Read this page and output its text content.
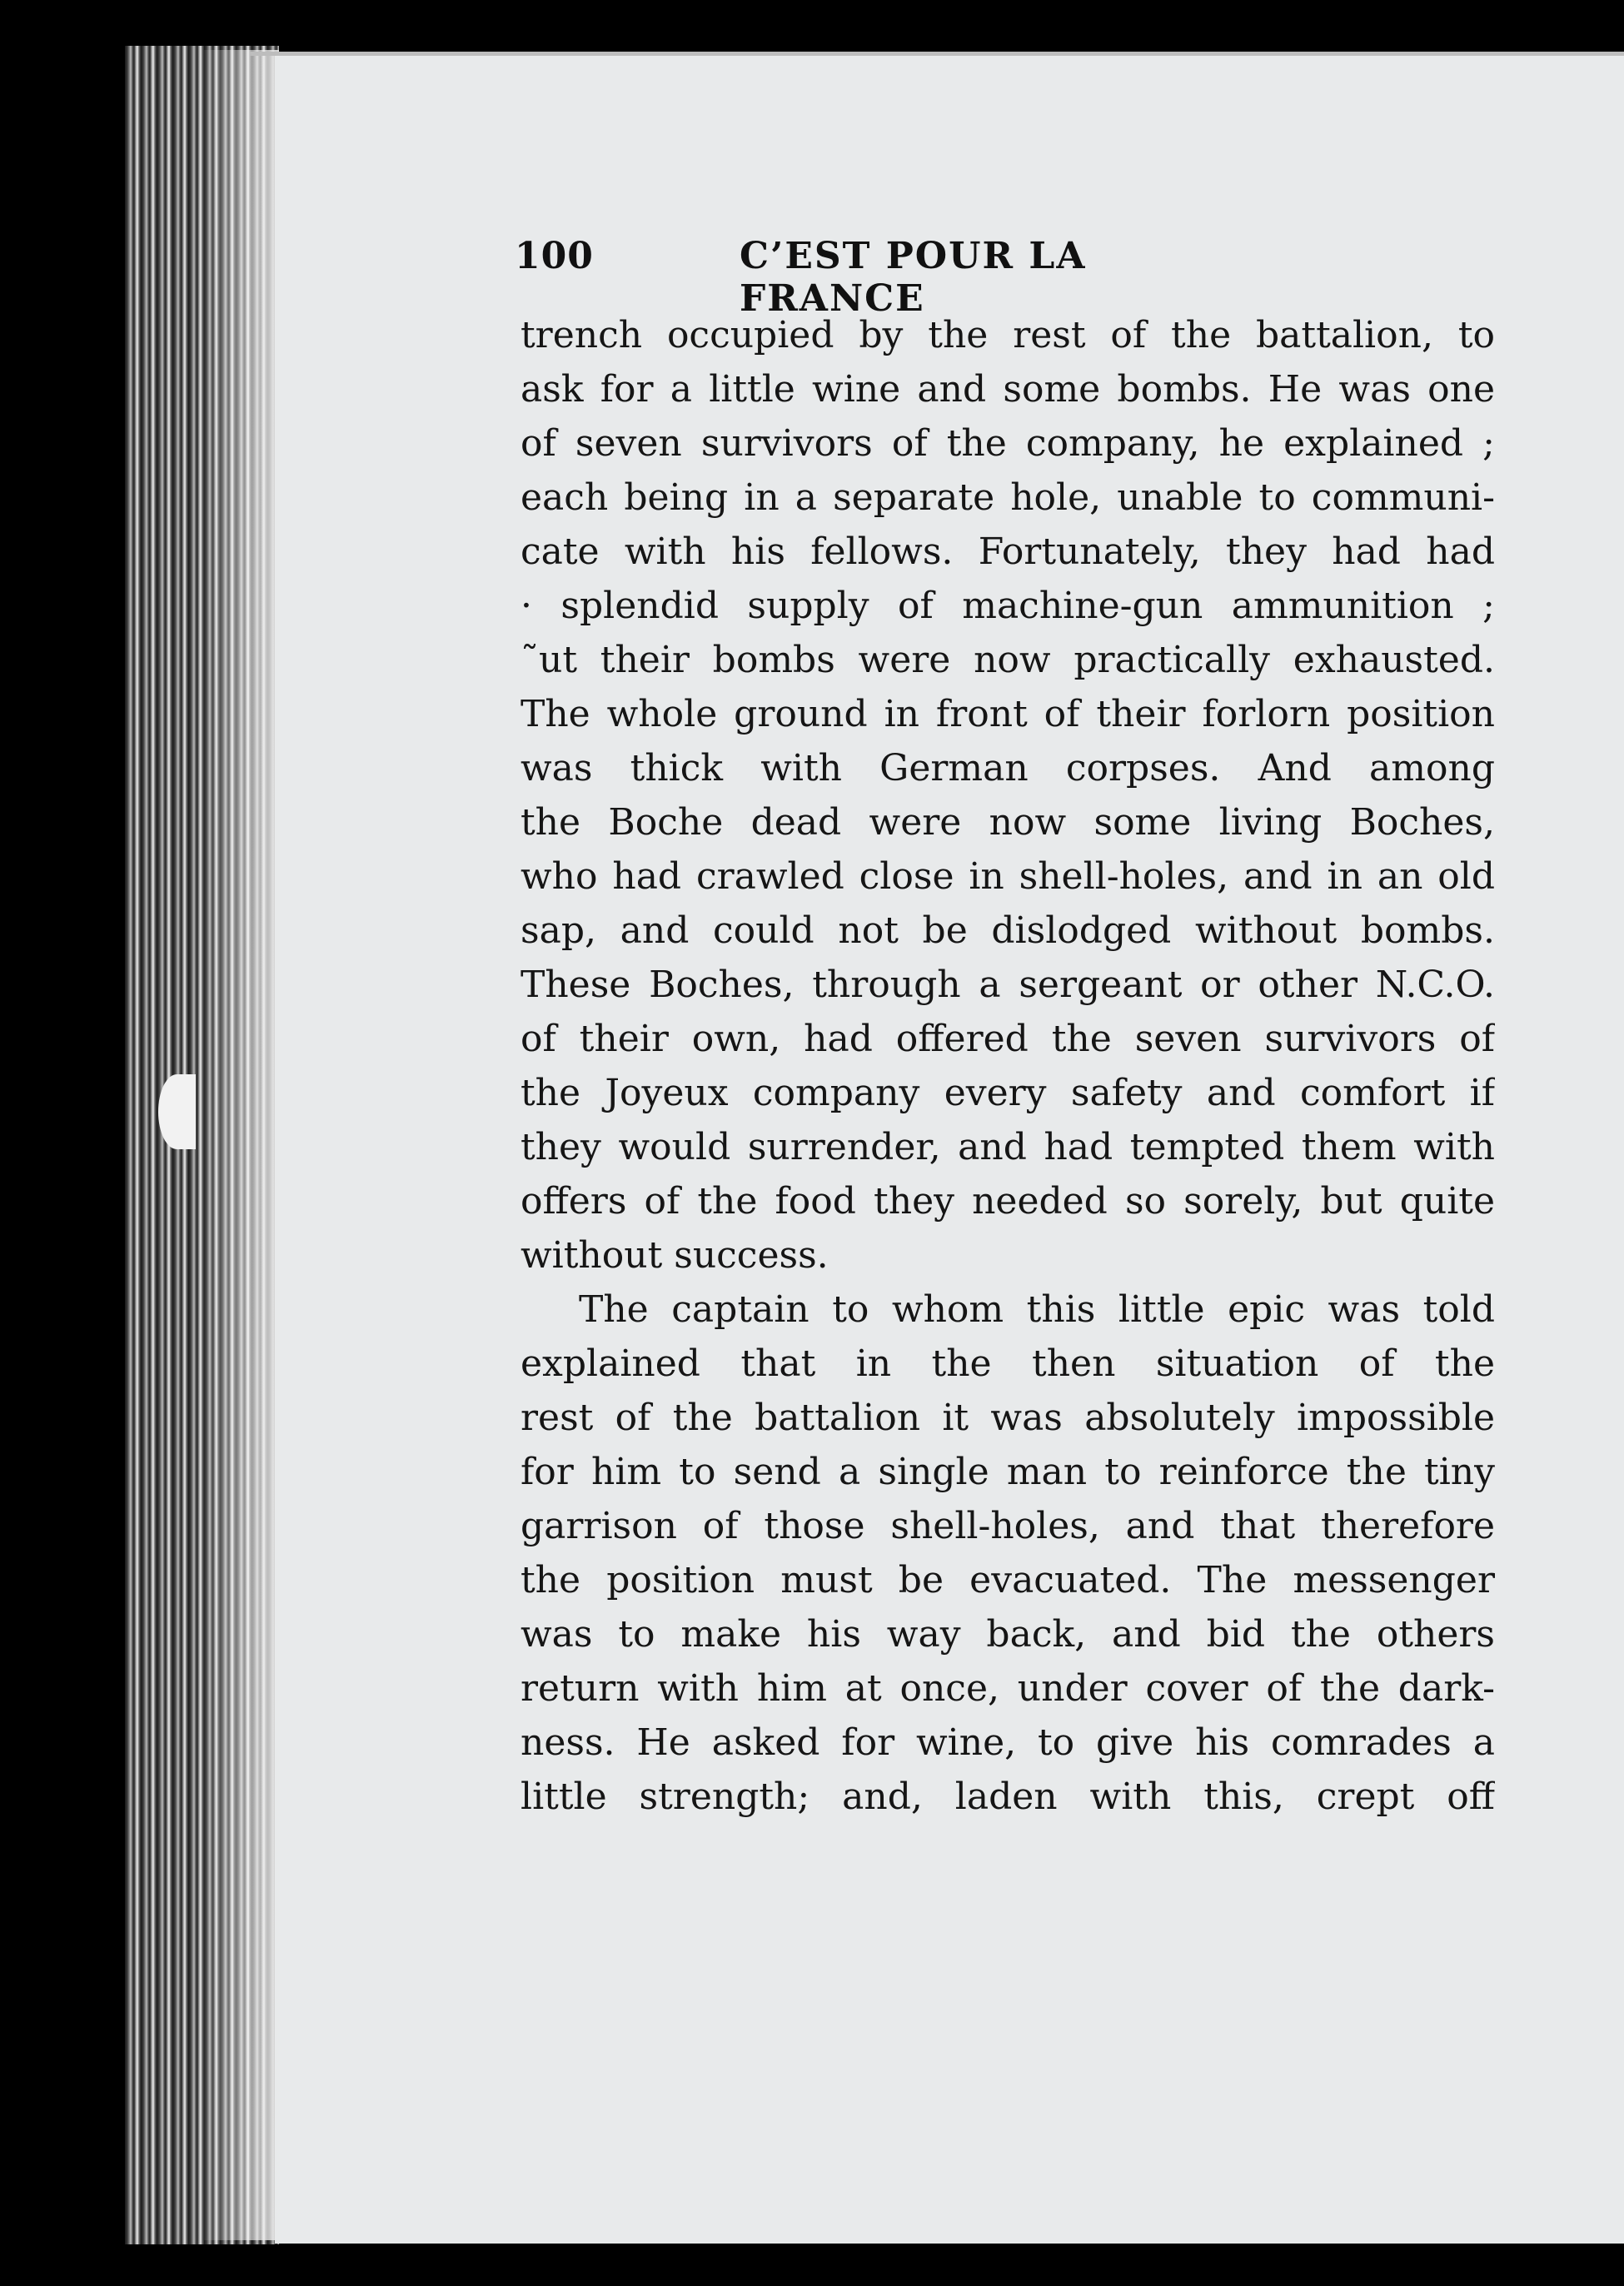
100	C’EST POUR LA FRANCE
trench occupied by the rest of the battalion, to
ask for a little wine and some bombs. He was one
of seven survivors of the company, he explained ;
each being in a separate hole, unable to communi-
cate with his fellows. Fortunately, they had had
· splendid supply of machine-gun ammunition ;
˜ut their bombs were now practically exhausted.
The whole ground in front of their forlorn position
was thick with German corpses. And among
the Boche dead were now some living Boches,
who had crawled close in shell-holes, and in an old
sap, and could not be dislodged without bombs.
These Boches, through a sergeant or other N.C.O.
of their own, had offered the seven survivors of
the Joyeux company every safety and comfort if
they would surrender, and had tempted them with
offers of the food they needed so sorely, but quite
without success.
The captain to whom this little epic was told
explained that in the then situation of the
rest of the battalion it was absolutely impossible
for him to send a single man to reinforce the tiny
garrison of those shell-holes, and that therefore
the position must be evacuated. The messenger
was to make his way back, and bid the others
return with him at once, under cover of the dark-
ness. He asked for wine, to give his comrades a
little strength; and, laden with this, crept off
